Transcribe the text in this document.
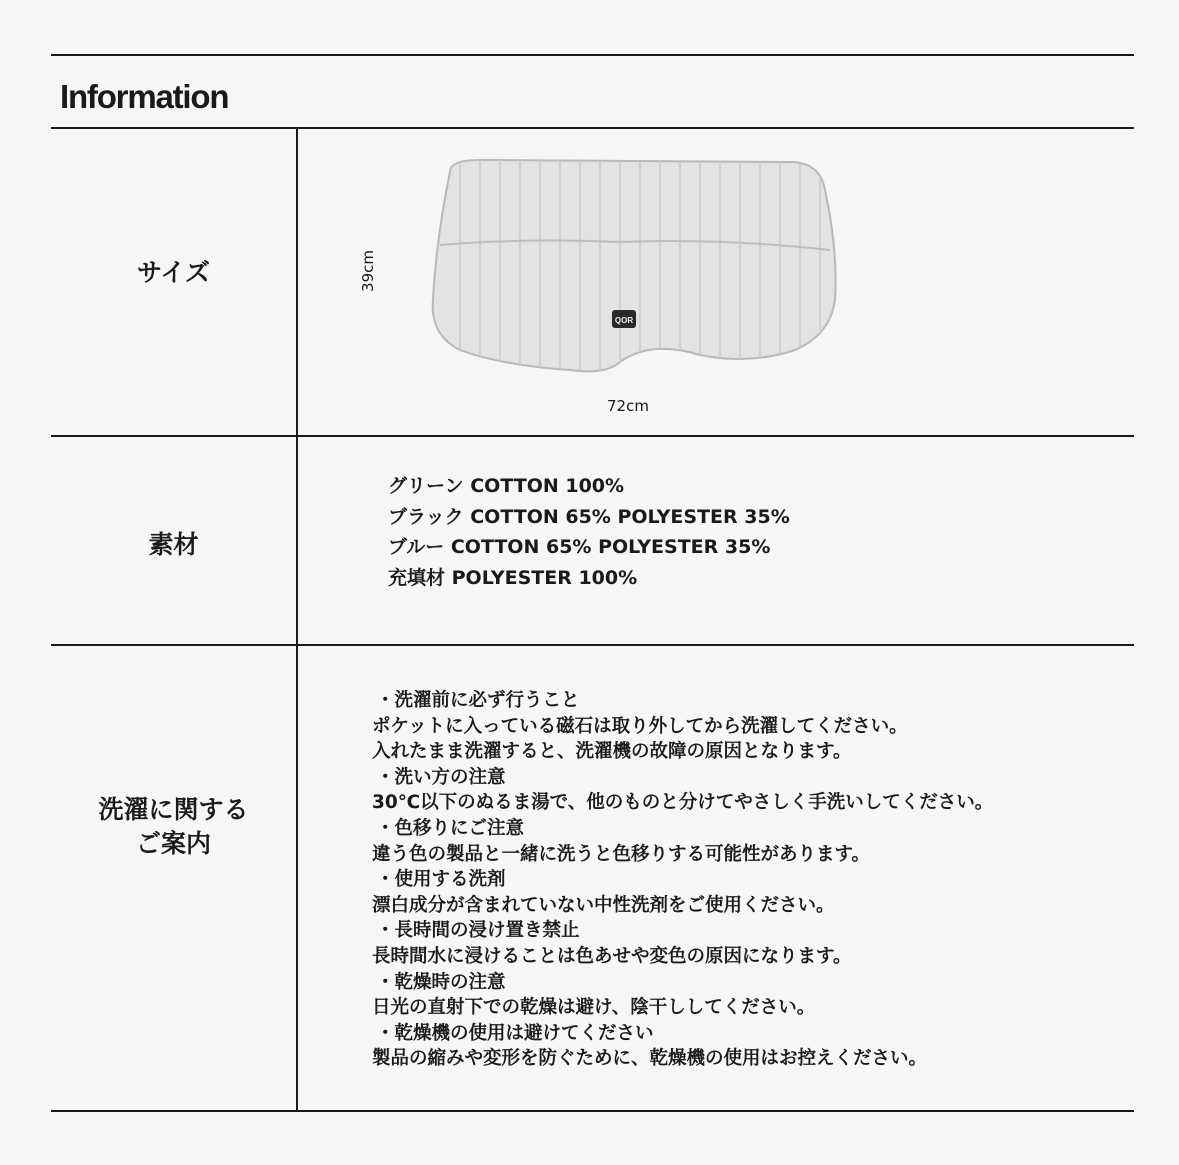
Information
サイズ
QOR
39cm
72cm
素材
グリーン COTTON 100%
ブラック COTTON 65% POLYESTER 35%
ブルー COTTON 65% POLYESTER 35%
充填材 POLYESTER 100%
洗濯に関する
ご案内
・洗濯前に必ず行うこと
ポケットに入っている磁石は取り外してから洗濯してください。
入れたまま洗濯すると、洗濯機の故障の原因となります。
・洗い方の注意
30℃以下のぬるま湯で、他のものと分けてやさしく手洗いしてください。
・色移りにご注意
違う色の製品と一緒に洗うと色移りする可能性があります。
・使用する洗剤
漂白成分が含まれていない中性洗剤をご使用ください。
・長時間の浸け置き禁止
長時間水に浸けることは色あせや変色の原因になります。
・乾燥時の注意
日光の直射下での乾燥は避け、陰干ししてください。
・乾燥機の使用は避けてください
製品の縮みや変形を防ぐために、乾燥機の使用はお控えください。
